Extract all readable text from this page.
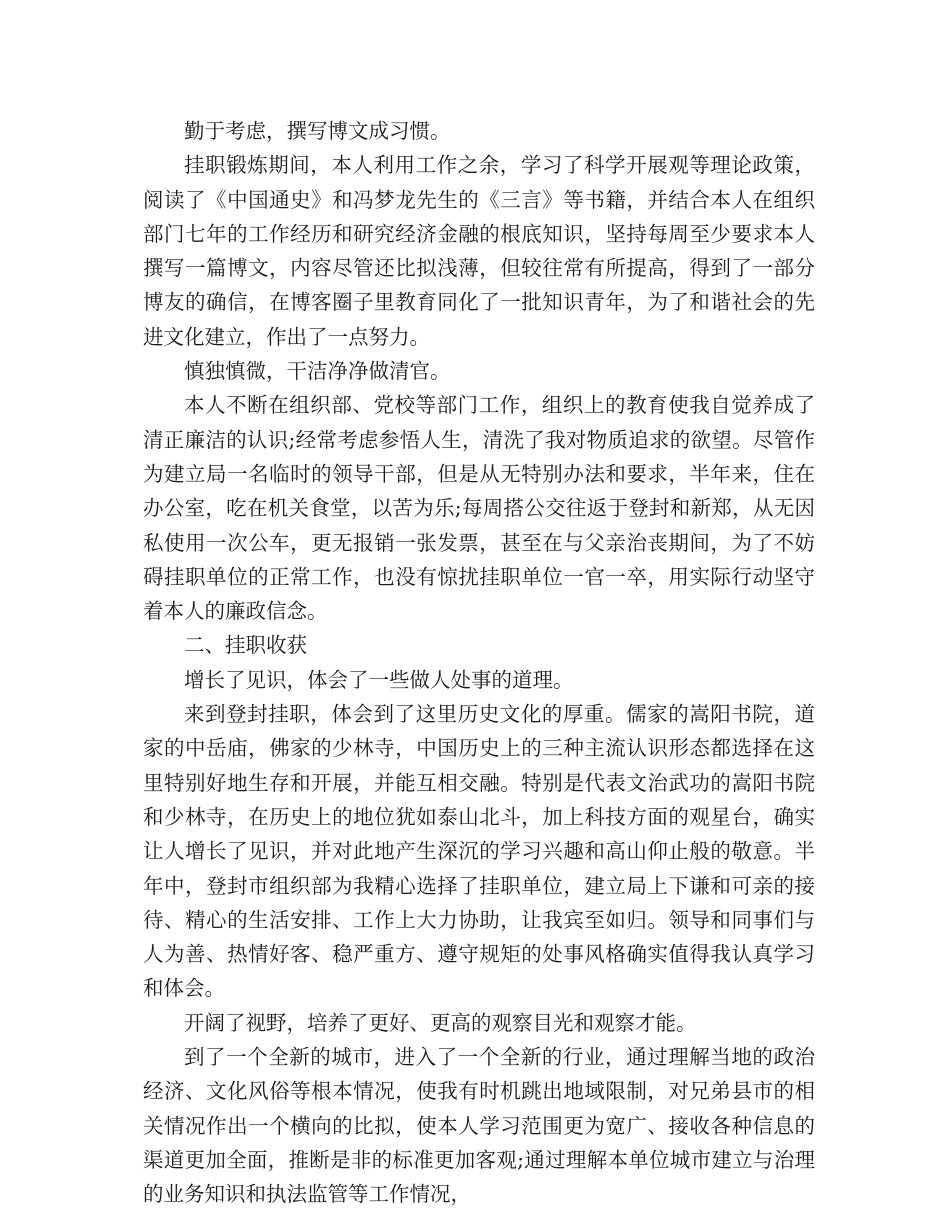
勤于考虑，撰写博文成习惯。

挂职锻炼期间，本人利用工作之余，学习了科学开展观等理论政策，阅读了《中国通史》和冯梦龙先生的《三言》等书籍，并结合本人在组织部门七年的工作经历和研究经济金融的根底知识，坚持每周至少要求本人撰写一篇博文，内容尽管还比拟浅薄，但较往常有所提高，得到了一部分博友的确信，在博客圈子里教育同化了一批知识青年，为了和谐社会的先进文化建立，作出了一点努力。

慎独慎微，干洁净净做清官。

本人不断在组织部、党校等部门工作，组织上的教育使我自觉养成了清正廉洁的认识;经常考虑参悟人生，清洗了我对物质追求的欲望。尽管作为建立局一名临时的领导干部，但是从无特别办法和要求，半年来，住在办公室，吃在机关食堂，以苦为乐;每周搭公交往返于登封和新郑，从无因私使用一次公车，更无报销一张发票，甚至在与父亲治丧期间，为了不妨碍挂职单位的正常工作，也没有惊扰挂职单位一官一卒，用实际行动坚守着本人的廉政信念。

二、挂职收获

增长了见识，体会了一些做人处事的道理。

来到登封挂职，体会到了这里历史文化的厚重。儒家的嵩阳书院，道家的中岳庙，佛家的少林寺，中国历史上的三种主流认识形态都选择在这里特别好地生存和开展，并能互相交融。特别是代表文治武功的嵩阳书院和少林寺，在历史上的地位犹如泰山北斗，加上科技方面的观星台，确实让人增长了见识，并对此地产生深沉的学习兴趣和高山仰止般的敬意。半年中，登封市组织部为我精心选择了挂职单位，建立局上下谦和可亲的接待、精心的生活安排、工作上大力协助，让我宾至如归。领导和同事们与人为善、热情好客、稳严重方、遵守规矩的处事风格确实值得我认真学习和体会。

开阔了视野，培养了更好、更高的观察目光和观察才能。

到了一个全新的城市，进入了一个全新的行业，通过理解当地的政治经济、文化风俗等根本情况，使我有时机跳出地域限制，对兄弟县市的相关情况作出一个横向的比拟，使本人学习范围更为宽广、接收各种信息的渠道更加全面，推断是非的标准更加客观;通过理解本单位城市建立与治理的业务知识和执法监管等工作情况，
